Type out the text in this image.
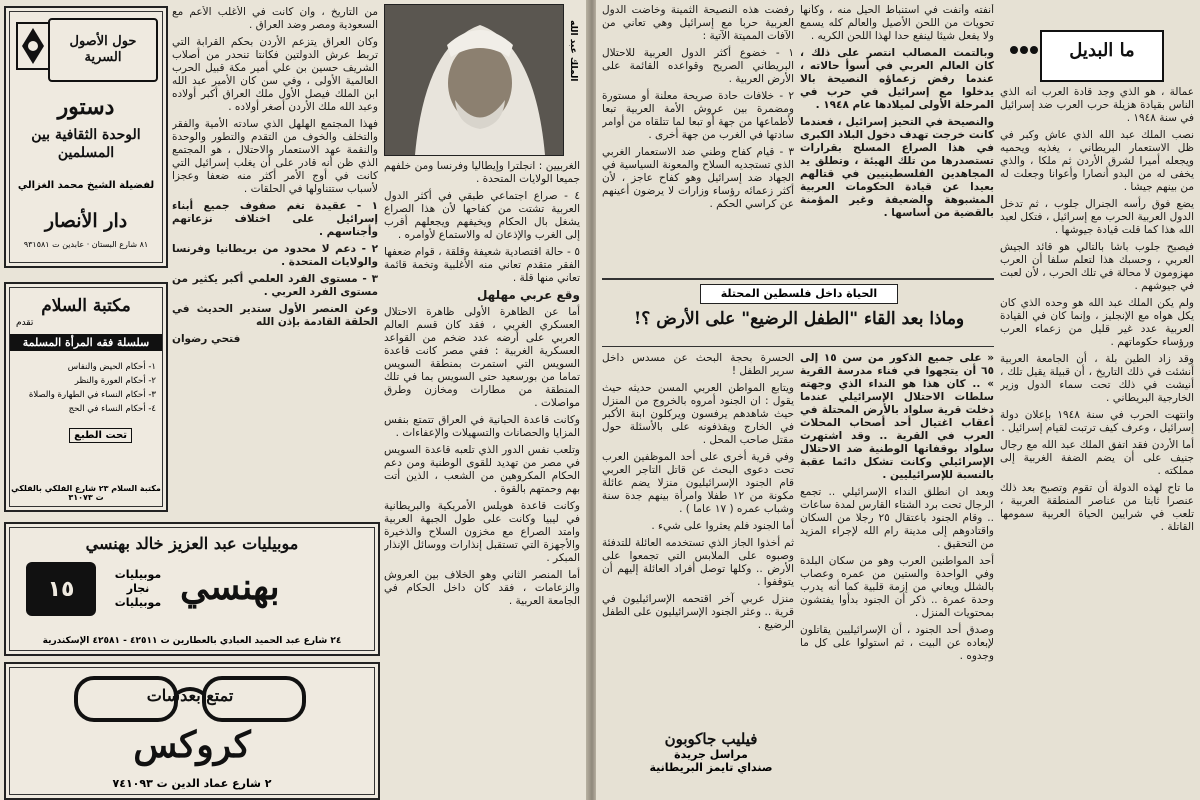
حول الأصول السرية
دستور
الوحدة الثقافية بين المسلمين
لفضيلة الشيخ محمد الغزالي
دار الأنصار
٨١ شارع البستان · عابدين ت ٩٣١٥٨١
مكتبة السلام
تقدم
سلسلة فقه المرأة المسلمة
١- أحكام الحيض والنفاس
٢- أحكام العورة والنظر
٣- أحكام النساء في الطهارة والصلاة
٤- أحكام النساء في الحج
تحت الطبع
مكتبة السلام ٢٣ شارع الفلكي بالفلكي ت ٣١٠٧٣

من التاريخ ، وان كانت في الأغلب الأعم مع السعودية ومصر وضد العراق .

وكان العراق يتزعم الأردن بحكم القرابة التي تربط عرش الدولتين فكانتا تنحدر من أصلاب الشريف حسين بن علي أمير مكة قبيل الحرب العالمية الأولى ، وفي سن كان الأمير عبد الله ابن الملك فيصل الأول ملك العراق أكبر أولاده وعبد الله ملك الأردن أصغر أولاده .

فهذا المجتمع الهلهل الذي سادته الأمية والفقر والتخلف والخوف من التقدم والتطور والوحدة والنقمة عهد الاستعمار والاحتلال ، هو المجتمع الذي ظن أنه قادر على أن يغلب إسرائيل التي كانت في أوج الأمر أكثر منه ضعفا وعجزا لأسباب ستتناولها في الحلقات .

١ - عقيدة تغم صفوف جميع أبناء إسرائيل على اختلاف نزعاتهم وأجناسهم .

٢ - دعم لا محدود من بريطانيا وفرنسا والولايات المتحدة .

٣ - مستوى الفرد العلمي أكبر يكثير من مستوى الفرد العربي .

وعن العنصر الأول ستدير الحديث في الحلقة القادمة بإذن الله

فتحي رضوان

الملك عبد الله

الغربيين : انجلترا وإيطاليا وفرنسا ومن خلفهم جميعا الولايات المتحدة .

٤ - صراع اجتماعي طبقي في أكثر الدول العربية تشتت من كفاحها لأن هذا الصراع يشغل بال الحكام ويخيفهم ويجعلهم أقرب إلى الغرب والإذعان له والاستماع لأوامره .

٥ - حالة اقتصادية شعيفة وقلقة ، قوام ضعفها الفقر متقدم تعاني منه الأغلبية وتخمة قائمة تعاني منها قلة .

وقع عربي مهلهل

أما عن الظاهرة الأولى ظاهرة الاحتلال العسكري الغربي ، فقد كان قسم العالم العربي على أرضه عدد ضخم من القواعد العسكرية الغربية : ففي مصر كانت قاعدة السويس التي استمرت بمنطقة السويس تماما من بورسعيد حتى السويس بما في تلك المنطقة من مطارات ومخازن وطرق مواصلات .

وكانت قاعدة الحبانية في العراق تتمتع بنفس المزايا والحصانات والتسهيلات والإعفاءات .

وتلعب نفس الدور الذي تلعبه قاعدة السويس في مصر من تهديد للقوى الوطنية ومن دعم الحكام المكروهين من الشعب ، الذين أتت بهم وحمتهم بالقوة .

وكانت قاعدة هويلس الأمريكية والبريطانية في ليبيا وكانت على طول الجبهة العربية وامتد الصراع مع مخزون السلاح والذخيرة والأجهزة التي تستقبل إنذارات ووسائل الإنذار المبكر .

أما المنصر الثاني وهو الخلاف بين العروش والزعامات ، فقد كان داخل الحكام في الجامعة العربية .

موبيليات عبد العزيز خالد بهنسي
بهنسي
موبيليات
نجار
موبيليات
١٥
٢٤ شارع عبد الحميد العبادي بالعطارين ت ٤٢٥١١ - ٤٢٥٨١ الإسكندرية
تمتع بعدسات
كروكس
٢ شارع عماد الدين ت ٧٤١٠٩٣
ما البديل

عمالة ، هو الذي وجد قادة العرب أنه الذي الناس بقيادة هزيلة حرب العرب ضد إسرائيل في سنة ١٩٤٨ .

نصب الملك عبد الله الذي عاش وكبر في ظل الاستعمار البريطاني ، يغذيه ويحميه ويجعله أميرا لشرق الأردن ثم ملكا ، والذي يخفى له من البدو أنصارا وأعوانا وجعلت له من بينهم جيشا .

يضع فوق رأسه الجنرال جلوب ، ثم تدخل الدول العربية الحرب مع إسرائيل ، فتكل لعبد الله هذا كما قلت قيادة جيوشها .

فيصبح جلوب باشا بالتالي هو قائد الجيش العربي ، وحسبك هذا لتعلم سلفا أن العرب مهزومون لا محالة في تلك الحرب ، لأن لعبت في جيوشهم .

ولم يكن الملك عبد الله هو وحده الذي كان يكل هواه مع الإنجليز ، وإنما كان في القيادة العربية عدد غير قليل من زعماء العرب ورؤساء حكوماتهم .

وقد زاد الطين بلة ، أن الجامعة العربية أنشئت في ذلك التاريخ ، أن قبيلة يقيل تلك ، أنيشت في ذلك تحت سماء الدول وزير الخارجية البريطاني .

وانتهت الحرب في سنة ١٩٤٨ بإعلان دولة إسرائيل ، وعرف كيف ترتبت لقيام إسرائيل .

أما الأردن فقد اتفق الملك عبد الله مع رجال جنيف على أن يضم الضفة الغربية إلى مملكته .

ما تاح لهذه الدولة أن تقوم وتصبح بعد ذلك عنصرا ثابتا من عناصر المنطقة العربية ، تلعب في شرايين الحياة العربية سمومها القاتلة .

أنفته وأنفت في استنباط الحيل منه ، وكأنها تحويات من اللحن الأصيل والعالم كله يسمع ولا يفعل شيئا لينفع حدا لهذا اللحن الكريه .

وبالتمت المصالب انتصر على ذلك ، كان العالم العربي في أسوأ حالاته ، عندما رفض زعماؤه النصيحة بالا يدخلوا مع إسرائيل في حرب في المرحلة الأولى لميلادها عام ١٩٤٨ .

والنصيحة في التحيز إسرائيل ، فعندما كانت خرجت تهدف دخول البلاد الكبرى في هذا الصراع المسلح بقرارات تستصدرها من تلك الهيئة ، وتطلق يد المجاهدين الفلسطينيين في قتالهم بعيدا عن قيادة الحكومات العربية المشبوهة والضعيفة وغير المؤمنة بالقضية من أساسها .

رفضت هذه النصيحة الثمينة وخاضت الدول العربية حربا مع إسرائيل وهي تعاني من الآفات المميتة الآتية :

١ - خضوع أكثر الدول العربية للاحتلال البريطاني الصريح وقواعده القائمة على الأرض العربية .

٢ - خلافات حادة صريحة معلنة أو مستورة ومضمرة بين عروش الأمة العربية تبعا لأطماعها من جهة أو تبعا لما تتلقاه من أوامر سادتها في الغرب من جهة أخرى .

٣ - قيام كفاح وطني ضد الاستعمار الغربي الذي تستجديه السلاح والمعونة السياسية في الجهاد ضد إسرائيل وهو كفاح عاجز ، لأن أكثر زعمائه رؤساء وزارات لا يرضون أعينهم عن كراسي الحكم .

الحياة داخل فلسطين المحتلة
وماذا بعد القاء "الطفل الرضيع" على الأرض ؟!

« على جميع الذكور من سن ١٥ إلى ٦٥ أن يتجهوا في فناء مدرسة القرية » .. كان هذا هو النداء الذي وجهته سلطات الاحتلال الإسرائيلي عندما دخلت قرية سلواد بالأرض المحتلة في أعقاب اغتيال أحد أصحاب المحلات العرب في القرية .. وقد اشتهرت سلواد بوقفاتها الوطنية ضد الاحتلال الإسرائيلي وكانت تشكل دائما عقبة بالنسبة للإسرائيليين .

وبعد ان انطلق النداء الإسرائيلي .. تجمع الرجال تحت برد الشتاء القارس لمدة ساعات .. وقام الجنود باعتقال ٢٥ رجلا من السكان واقتادوهم إلى مدينة رام الله لإجراء المزيد من التحقيق .

أحد المواطنين العرب وهو من سكان البلدة وفي الواحدة والستين من عمره وعصاب بالشلل ويعاني من إزمة قلبية كما أنه يدرب وحدة عمرة .. ذكر أن الجنود بدأوا يفتشون بمحتويات المنزل .

وصدق أحد الجنود ، أن الإسرائيليين يقاتلون لإبعاده عن البيت ، ثم استولوا على كل ما وجدوه .

الحسرة بحجة البحث عن مسدس داخل سرير الطفل !

ويتابع المواطن العربي المسن حديثه حيث يقول : ان الجنود أمروه بالخروج من المنزل حيث شاهدهم يرفسون ويركلون ابنة الأكبر في الخارج ويقذفونه على بالأسئلة حول مقتل صاحب المحل .

وفي قرية أخرى على أحد الموظفين العرب تحت دعوى البحث عن قاتل التاجر العربي قام الجنود الإسرائيليون منزلا يضم عائلة مكونة من ١٢ طفلا وامرأة بينهم جدة سنة وشباب عمره ( ١٧ عاما ) .

أما الجنود فلم يعثروا على شيء .

ثم أخذوا الجاز الذي تستخدمه العائلة للتدفئة وصبوه على الملابس التي تجمعوا على الأرض .. وكلها توصل أفراد العائلة إليهم أن يتوقفوا .

منزل عربي آخر اقتحمه الإسرائيليون في قرية .. وعثر الجنود الإسرائيليون على الطفل الرضيع .

فيليب جاكوبون
مراسل جريدة
صنداي تايمز البريطانية
